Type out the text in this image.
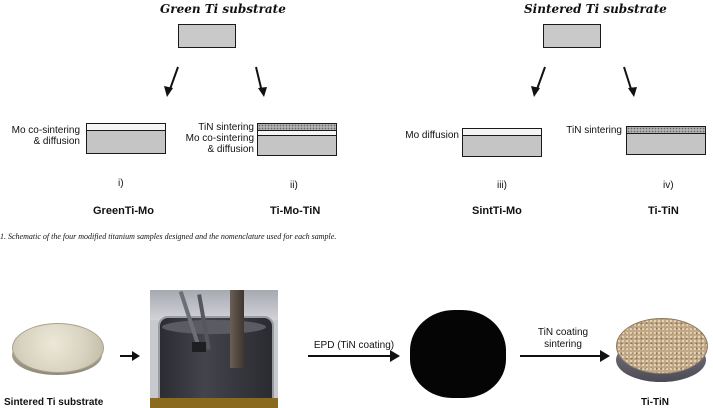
Green Ti substrate	Sintered Ti substrate
Mo co-sintering
& diffusion
i)
GreenTi-Mo
TiN sintering
Mo co-sintering
& diffusion
ii)
Ti-Mo-TiN
Mo diffusion
iii)
SintTi-Mo
TiN sintering
iv)
Ti-TiN
1. Schematic of the four modified titanium samples designed and the nomenclature used for each sample.
Sintered Ti substrate
EPD (TiN coating)
TiN coating
sintering
Ti-TiN
